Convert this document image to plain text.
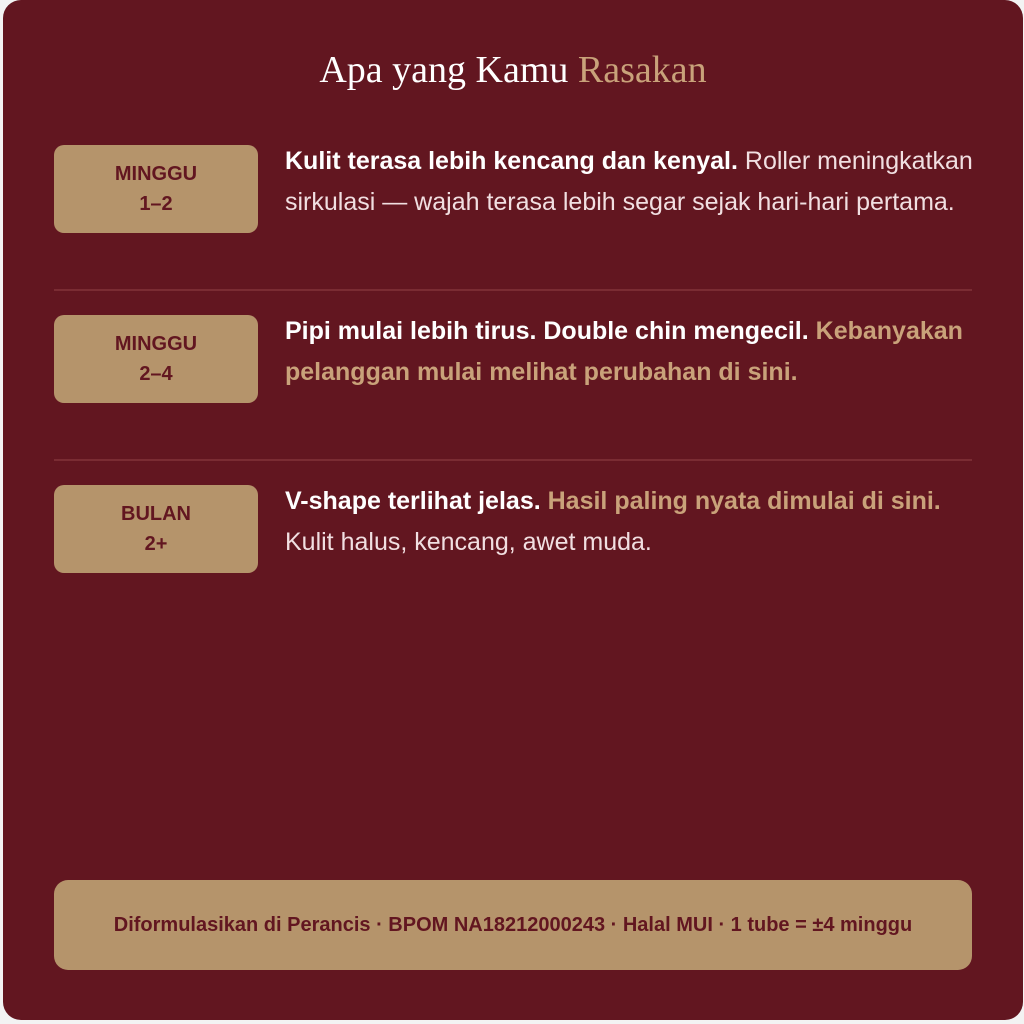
Apa yang Kamu Rasakan
MINGGU
1–2

Kulit terasa lebih kencang dan kenyal. Roller meningkatkan sirkulasi — wajah terasa lebih segar sejak hari-hari pertama.

MINGGU
2–4

Pipi mulai lebih tirus. Double chin mengecil. Kebanyakan pelanggan mulai melihat perubahan di sini.

BULAN
2+

V-shape terlihat jelas. Hasil paling nyata dimulai di sini. Kulit halus, kencang, awet muda.

Diformulasikan di Perancis · BPOM NA18212000243 · Halal MUI · 1 tube = ±4 minggu
